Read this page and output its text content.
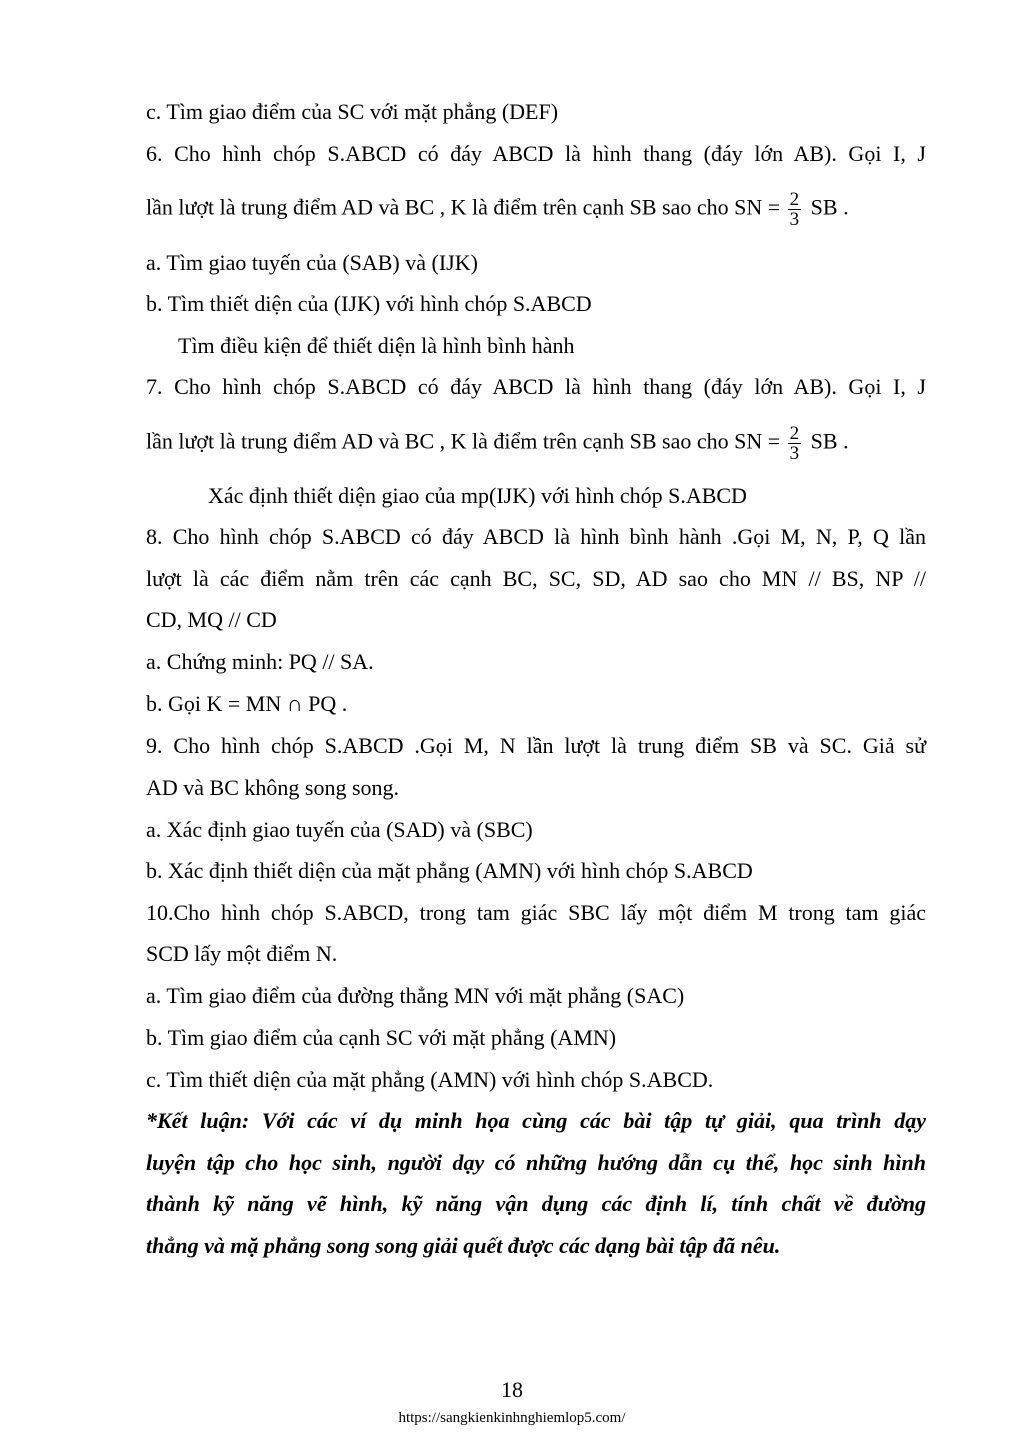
c. Tìm giao điểm của SC với mặt phẳng (DEF)
6. Cho hình chóp S.ABCD có đáy ABCD là hình thang (đáy lớn AB). Gọi I, J
lần lượt là trung điểm AD và BC , K là điểm trên cạnh SB sao cho SN = $\frac{2}{3}$ SB .
a. Tìm giao tuyến của (SAB) và (IJK)
b. Tìm thiết diện của (IJK) với hình chóp S.ABCD
Tìm điều kiện để thiết diện là hình bình hành
7. Cho hình chóp S.ABCD có đáy ABCD là hình thang (đáy lớn AB). Gọi I, J
lần lượt là trung điểm AD và BC , K là điểm trên cạnh SB sao cho SN = $\frac{2}{3}$ SB .
Xác định thiết diện giao của mp(IJK) với hình chóp S.ABCD
8. Cho hình chóp S.ABCD có đáy ABCD là hình bình hành .Gọi M, N, P, Q lần
lượt là các điểm nằm trên các cạnh BC, SC, SD, AD sao cho MN // BS, NP //
CD, MQ // CD
a. Chứng minh: PQ // SA.
b. Gọi K = MN ∩ PQ .
9. Cho hình chóp S.ABCD .Gọi M, N lần lượt là trung điểm SB và SC. Giả sử
AD và BC không song song.
a. Xác định giao tuyến của (SAD) và (SBC)
b. Xác định thiết diện của mặt phẳng (AMN) với hình chóp S.ABCD
10.Cho hình chóp S.ABCD, trong tam giác SBC lấy một điểm M trong tam giác
SCD lấy một điểm N.
a. Tìm giao điểm của đường thẳng MN với mặt phẳng (SAC)
b. Tìm giao điểm của cạnh SC với mặt phẳng (AMN)
c. Tìm thiết diện của mặt phẳng (AMN) với hình chóp S.ABCD.
*Kết luận: Với các ví dụ minh họa cùng các bài tập tự giải, qua trình dạy
luyện tập cho học sinh, người dạy có những hướng dẫn cụ thể, học sinh hình
thành kỹ năng vẽ hình, kỹ năng vận dụng các định lí, tính chất về đường
thẳng và mặ phẳng song song giải quết được các dạng bài tập đã nêu.
18
https://sangkienkinhnghiemlop5.com/
